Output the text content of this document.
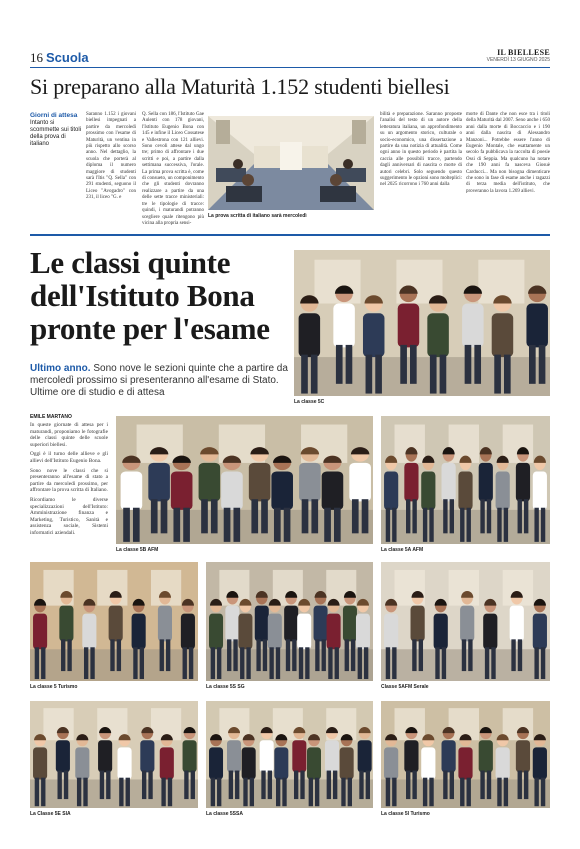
16 Scuola	IL BIELLESE
VENERDÌ 13 GIUGNO 2025
Si preparano alla Maturità 1.152 studenti biellesi
Giorni di attesa
Intanto si scommette sui titoli della prova di italiano
Saranno 1.152 i giovani biellesi impegnati a partire da mercoledì prossimo con l'esame di Maturità, un ventina in più rispetto allo scorso anno. Nel dettaglio, la scuola che porterà al diploma il numero maggiore di studenti sarà l'Itis "Q. Sella" con 291 studenti, seguono il Liceo "Avogadro" con 231, il liceo "G. e
Q. Sella con 186, l'Istituto Gae Aulenti con 178 giovani, l'Istituto Eugenio Bona con 145 e infine il Liceo Cossatese e Vallestrona con 121 allievi. Sono cevoli attese dal ungo tre; primo di affrontare i due scritti e poi, a partire dalla settimana successiva, l'orale. La prima prova scritta è, come di consueto, un componimento che gli studenti dovranno realizzare a partire da una delle sette tracce ministeriali: tre le tipologie di tracce: quindi, i maturandi potranno scegliere quale ritengono più vicina alla propria sensi-
La prova scritta di italiano sarà mercoledì
bilità e preparazione. Saranno proposte l'analisi del testo di un autore della letteratura italiana, un approfondimento su un argomento storico, culturale o socio-economico, una dissertazione a partire da una notizia di attualità. Come ogni anno in questo periodo è partita la caccia alle possibili tracce, partendo dagli anniversari di nascita o morte di autori celebri. Solo seguendo questo suggerimento le opzioni sono molteplici: nel 2025 ricorrono i 760 anni dalla
morte di Dante che non esce tra i titoli della Maturità dal 2007. Seno anche i 650 anni dalla morte di Boccaccio e i 190 anni dalla nascita di Alessandro Manzoni... Potrebbe essere l'anno di Eugenio Montale, che esattamente un secolo fa pubblicava la raccolta di poesie Ossi di Seppia. Ma qualcuno ha notare che 190 anni fa nasceva Giosuè Carducci... Ma non bisogna dimenticare che sono in fase di esame anche i ragazzi di terza media dell'istituto, che proveranno la lavora 1.269 allievi.
Le classi quinte dell'Istituto Bona pronte per l'esame
Ultimo anno. Sono nove le sezioni quinte che a partire da mercoledì prossimo si presenteranno all'esame di Stato. Ultime ore di studio e di attesa
EMILE MARTANO

In queste giornate di attesa per i maturandi, proponiamo le fotografie delle classi quinte delle scuole superiori biellesi.

Oggi è il turno delle allieve e gli allievi dell'Istituto Eugenio Bona.

Sono nove le classi che si presenteranno all'esame di stato a partire da mercoledì prossimo, per affrontare la prova scritta di Italiano.

Ricordiamo le diverse specializzazioni dell'Istituto: Amministrazione finanza e Marketing, Turistico, Sanità e assistenza sociale, Sistemi informatici aziendali.

La classe 5C
La classe 5B AFM	La classe 5A AFM
La classe 5 Turismo	La classe 5S SG	Classe 5AFM Serale
La Classe 5E SIA	La classe 5SSA	La classe 5I Turismo
